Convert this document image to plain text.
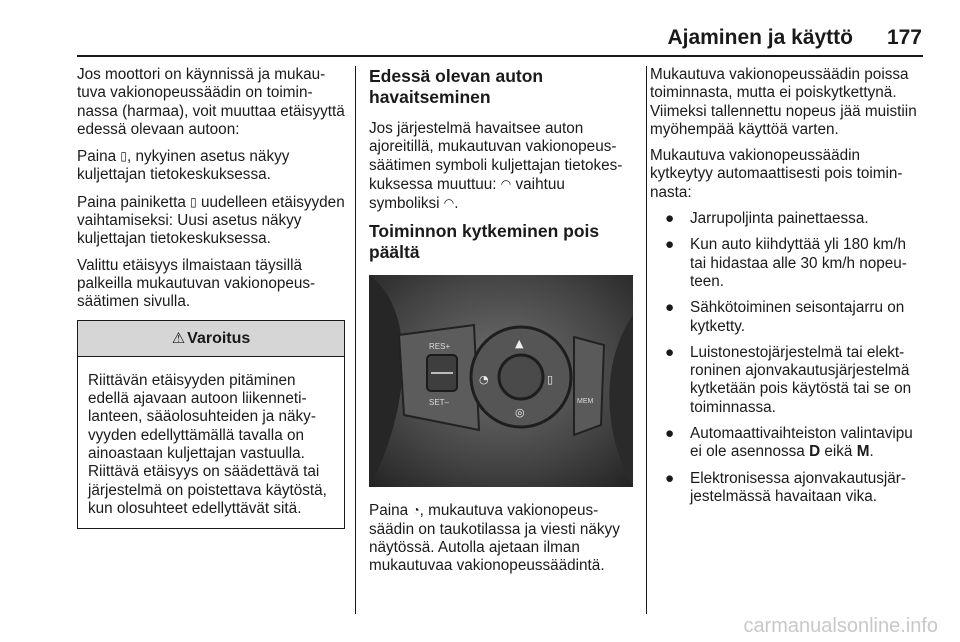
Ajaminen ja käyttö 177

Jos moottori on käynnissä ja mukautuva vakionopeussäädin on toiminnassa (harmaa), voit muuttaa etäisyyttä edessä olevaan autoon:

Paina ▯, nykyinen asetus näkyy kuljettajan tietokeskuksessa.

Paina painiketta ▯ uudelleen etäisyyden vaihtamiseksi: Uusi asetus näkyy kuljettajan tietokeskuksessa.

Valittu etäisyys ilmaistaan täysillä palkeilla mukautuvan vakionopeussäätimen sivulla.

⚠ Varoitus
Riittävän etäisyyden pitäminen edellä ajavaan autoon liikennetilanteen, sääolosuhteiden ja näkyvyyden edellyttämällä tavalla on ainoastaan kuljettajan vastuulla. Riittävä etäisyys on säädettävä tai järjestelmä on poistettava käytöstä, kun olosuhteet edellyttävät sitä.
Edessä olevan auton havaitseminen

Jos järjestelmä havaitsee auton ajoreitillä, mukautuvan vakionopeussäätimen symboli kuljettajan tietokeskuksessa muuttuu: ◠ vaihtuu symboliksi ◠.

Toiminnon kytkeminen pois päältä
RES+
SET–
▲
◔	▯
◎
MEM

Paina ◔, mukautuva vakionopeussäädin on taukotilassa ja viesti näkyy näytössä. Autolla ajetaan ilman mukautuvaa vakionopeussäädintä.

Mukautuva vakionopeussäädin poissa toiminnasta, mutta ei poiskytkettynä. Viimeksi tallennettu nopeus jää muistiin myöhempää käyttöä varten.

Mukautuva vakionopeussäädin kytkeytyy automaattisesti pois toiminnasta:

● Jarrupoljinta painettaessa.
● Kun auto kiihdyttää yli 180 km/h tai hidastaa alle 30 km/h nopeuteen.
● Sähkötoiminen seisontajarru on kytketty.
● Luistonestojärjestelmä tai elektroninen ajonvakautusjärjestelmä kytketään pois käytöstä tai se on toiminnassa.
● Automaattivaihteiston valintavipu ei ole asennossa D eikä M.
● Elektronisessa ajonvakautusjärjestelmässä havaitaan vika.
carmanualsonline.info
